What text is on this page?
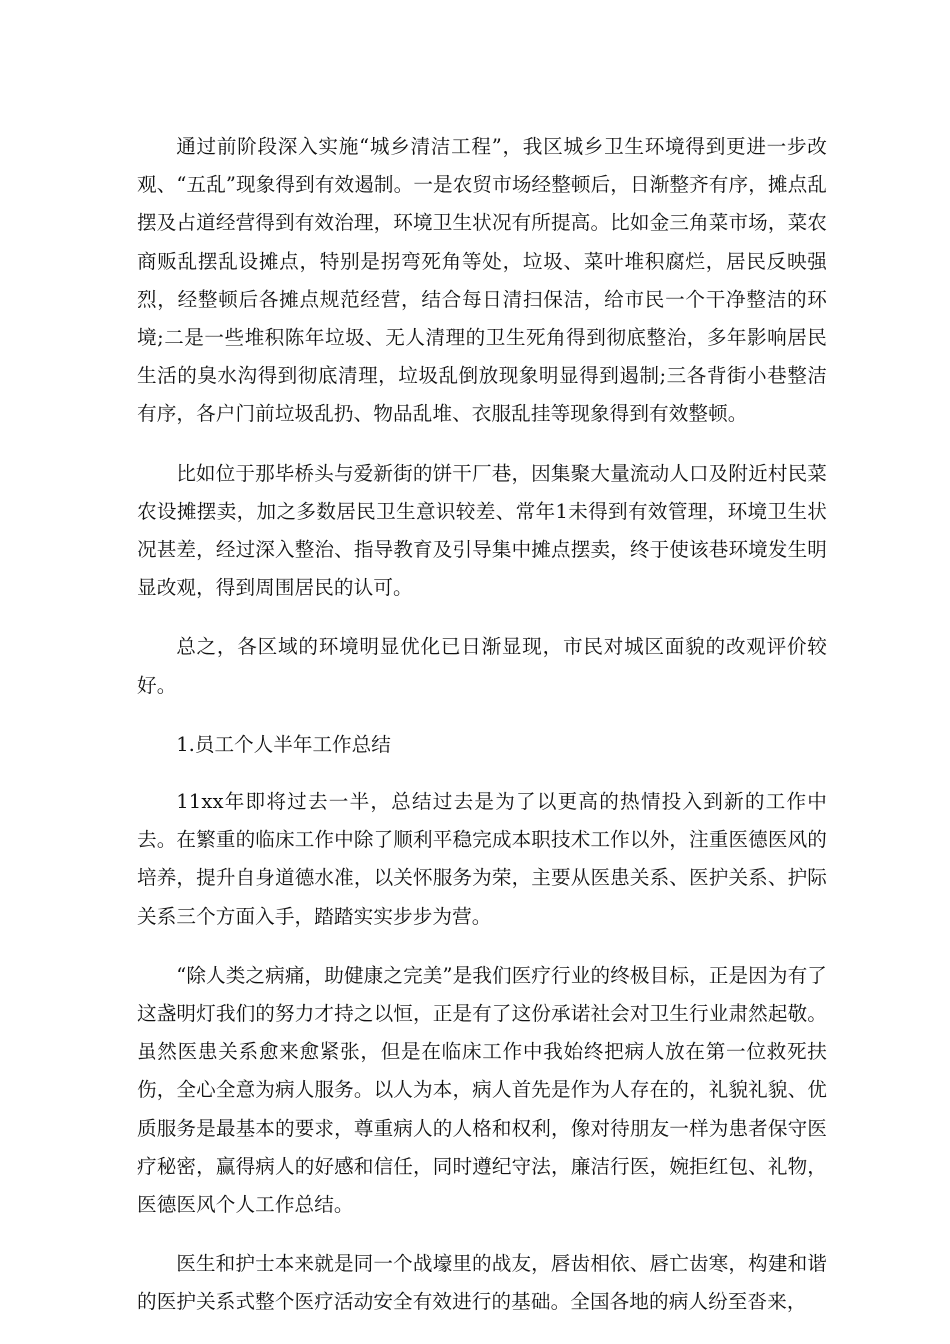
通过前阶段深入实施“城乡清洁工程”，我区城乡卫生环境得到更进一步改观、“五乱”现象得到有效遏制。一是农贸市场经整顿后，日渐整齐有序，摊点乱摆及占道经营得到有效治理，环境卫生状况有所提高。比如金三角菜市场，菜农商贩乱摆乱设摊点，特别是拐弯死角等处，垃圾、菜叶堆积腐烂，居民反映强烈，经整顿后各摊点规范经营，结合每日清扫保洁，给市民一个干净整洁的环境;二是一些堆积陈年垃圾、无人清理的卫生死角得到彻底整治，多年影响居民生活的臭水沟得到彻底清理，垃圾乱倒放现象明显得到遏制;三各背街小巷整洁有序，各户门前垃圾乱扔、物品乱堆、衣服乱挂等现象得到有效整顿。

比如位于那毕桥头与爱新街的饼干厂巷，因集聚大量流动人口及附近村民菜农设摊摆卖，加之多数居民卫生意识较差、常年1未得到有效管理，环境卫生状况甚差，经过深入整治、指导教育及引导集中摊点摆卖，终于使该巷环境发生明显改观，得到周围居民的认可。

总之，各区域的环境明显优化已日渐显现，市民对城区面貌的改观评价较好。

1.员工个人半年工作总结

11xx年即将过去一半，总结过去是为了以更高的热情投入到新的工作中去。在繁重的临床工作中除了顺利平稳完成本职技术工作以外，注重医德医风的培养，提升自身道德水准，以关怀服务为荣，主要从医患关系、医护关系、护际关系三个方面入手，踏踏实实步步为营。

“除人类之病痛，助健康之完美”是我们医疗行业的终极目标，正是因为有了这盏明灯我们的努力才持之以恒，正是有了这份承诺社会对卫生行业肃然起敬。虽然医患关系愈来愈紧张，但是在临床工作中我始终把病人放在第一位救死扶伤，全心全意为病人服务。以人为本，病人首先是作为人存在的，礼貌礼貌、优质服务是最基本的要求，尊重病人的人格和权利，像对待朋友一样为患者保守医疗秘密，赢得病人的好感和信任，同时遵纪守法，廉洁行医，婉拒红包、礼物，医德医风个人工作总结。

医生和护士本来就是同一个战壕里的战友，唇齿相依、唇亡齿寒，构建和谐的医护关系式整个医疗活动安全有效进行的基础。全国各地的病人纷至沓来，
